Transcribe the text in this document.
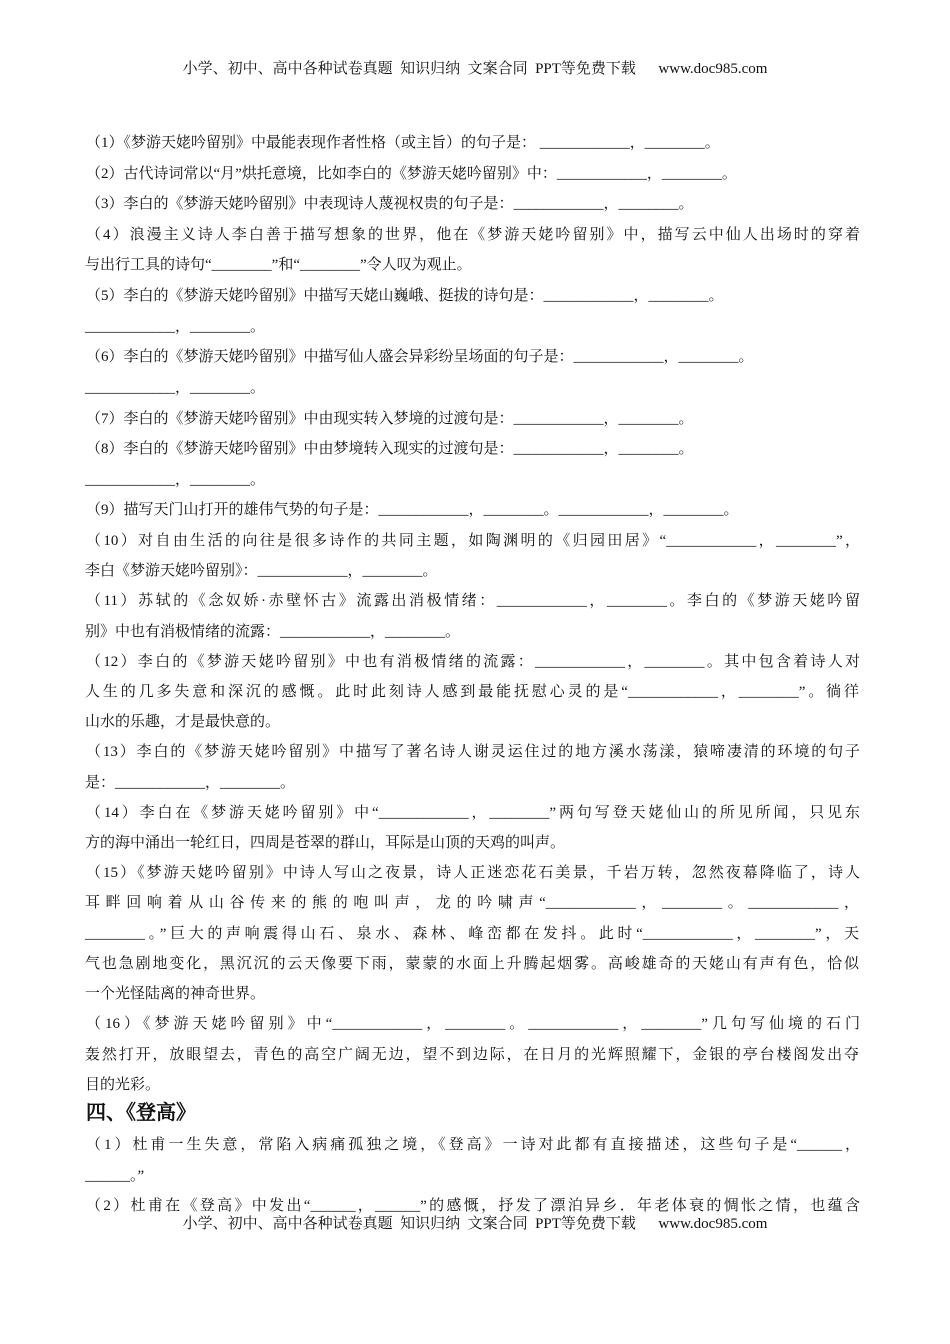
小学、初中、高中各种试卷真题  知识归纳  文案合同  PPT等免费下载      www.doc985.com
（1）《梦游天姥吟留别》中最能表现作者性格（或主旨）的句子是： ____________，________。
（2）古代诗词常以“月”烘托意境，比如李白的《梦游天姥吟留别》中：____________，________。
（3）李白的《梦游天姥吟留别》中表现诗人蔑视权贵的句子是：____________，________。
（4）浪漫主义诗人李白善于描写想象的世界，他在《梦游天姥吟留别》中，描写云中仙人出场时的穿着
与出行工具的诗句“________”和“________”令人叹为观止。
（5）李白的《梦游天姥吟留别》中描写天姥山巍峨、挺拔的诗句是：____________，________。
____________，________。
（6）李白的《梦游天姥吟留别》中描写仙人盛会异彩纷呈场面的句子是：____________，________。
____________，________。
（7）李白的《梦游天姥吟留别》中由现实转入梦境的过渡句是：____________，________。
（8）李白的《梦游天姥吟留别》中由梦境转入现实的过渡句是：____________，________。
____________，________。
（9）描写天门山打开的雄伟气势的句子是：____________，________。____________，________。
（10）对自由生活的向往是很多诗作的共同主题，如陶渊明的《归园田居》“____________，________”，
李白《梦游天姥吟留别》：____________，________。
（11）苏轼的《念奴娇·赤壁怀古》流露出消极情绪：____________，________。李白的《梦游天姥吟留
别》中也有消极情绪的流露：____________，________。
（12）李白的《梦游天姥吟留别》中也有消极情绪的流露：____________，________。其中包含着诗人对
人生的几多失意和深沉的感慨。此时此刻诗人感到最能抚慰心灵的是“____________，________”。徜徉
山水的乐趣，才是最快意的。
（13）李白的《梦游天姥吟留别》中描写了著名诗人谢灵运住过的地方溪水荡漾，猿啼凄清的环境的句子
是：____________，________。
（14）李白在《梦游天姥吟留别》中“____________，________”两句写登天姥仙山的所见所闻，只见东
方的海中涌出一轮红日，四周是苍翠的群山，耳际是山顶的天鸡的叫声。
（15）《梦游天姥吟留别》中诗人写山之夜景，诗人正迷恋花石美景，千岩万转，忽然夜幕降临了，诗人
耳畔回响着从山谷传来的熊的咆叫声，龙的吟啸声“____________，________。____________，
________。”巨大的声响震得山石、泉水、森林、峰峦都在发抖。此时“____________，________”，天
气也急剧地变化，黑沉沉的云天像要下雨，蒙蒙的水面上升腾起烟雾。高峻雄奇的天姥山有声有色，恰似
一个光怪陆离的神奇世界。
（16）《梦游天姥吟留别》中“____________，________。____________，________”几句写仙境的石门
轰然打开，放眼望去，青色的高空广阔无边，望不到边际，在日月的光辉照耀下，金银的亭台楼阁发出夺
目的光彩。
（1）杜甫一生失意，常陷入病痛孤独之境，《登高》一诗对此都有直接描述，这些句子是“______，
______。”
（2）杜甫在《登高》中发出“______，______”的感慨，抒发了漂泊异乡．年老体衰的惆怅之情，也蕴含
四、《登高》
小学、初中、高中各种试卷真题  知识归纳  文案合同  PPT等免费下载      www.doc985.com
